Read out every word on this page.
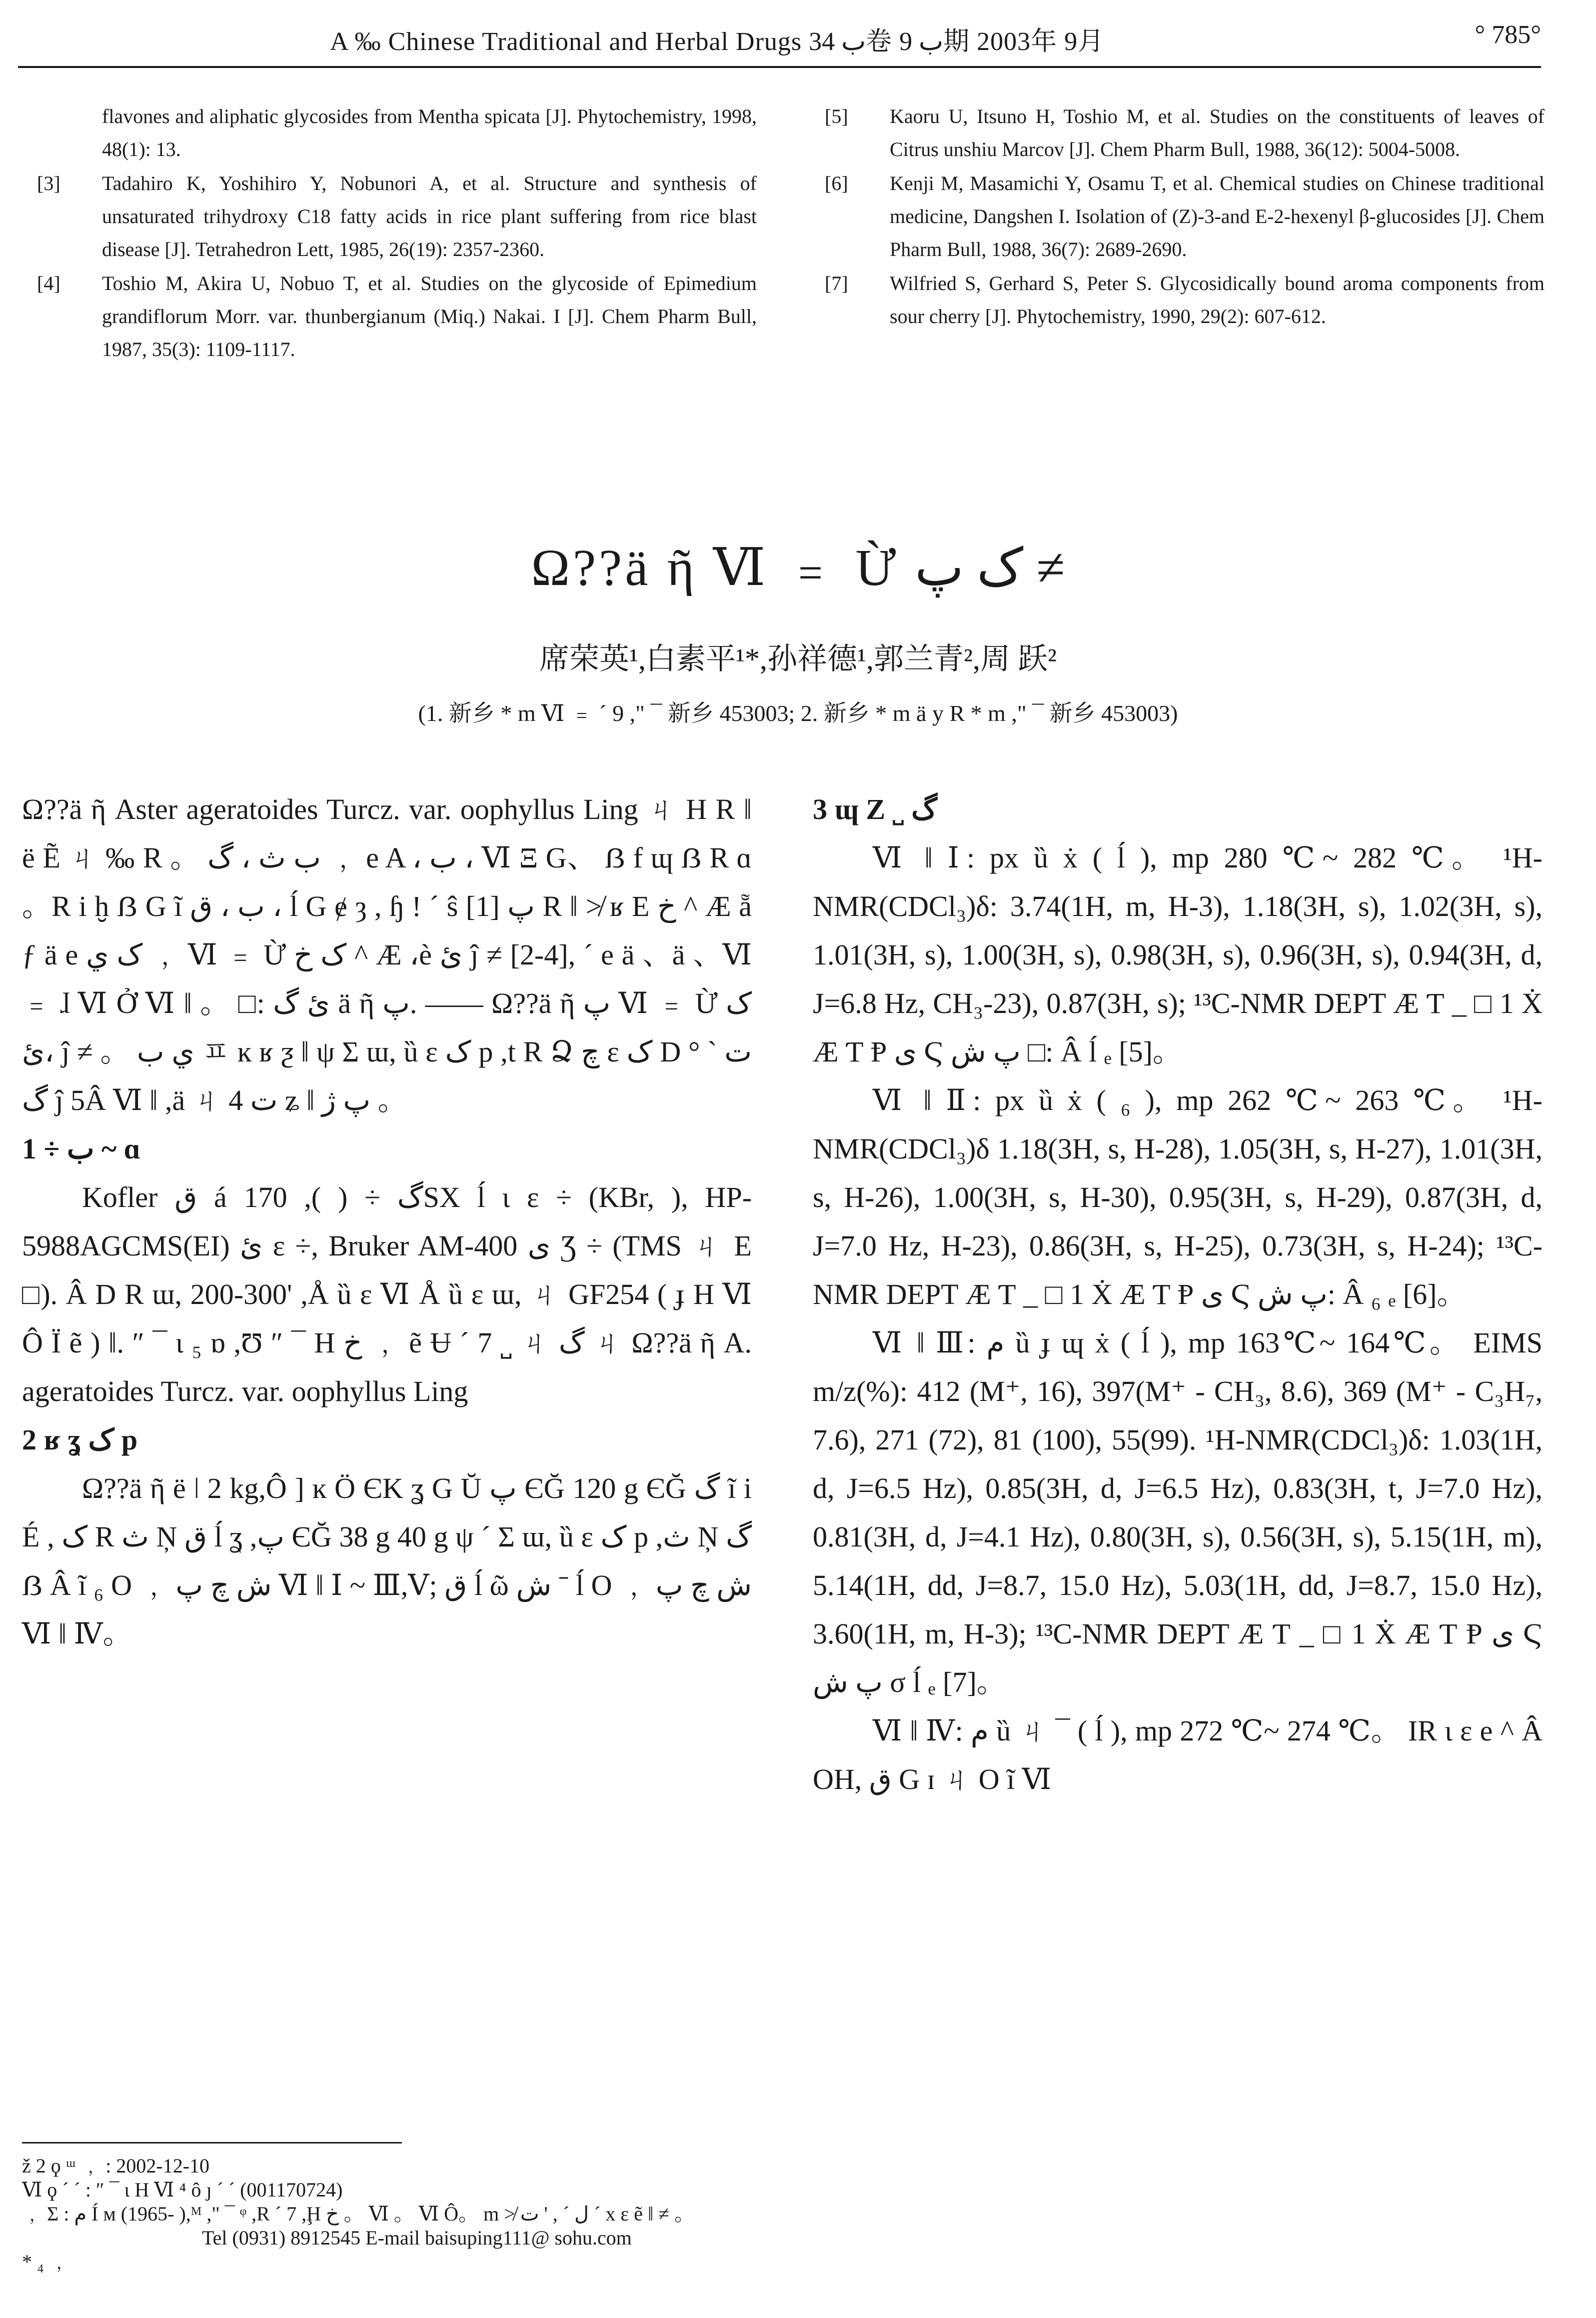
A ‰ Chinese Traditional and Herbal Drugs ب 34卷 ب 9期 2003年 9月	° 785°
flavones and aliphatic glycosides from Mentha spicata [J]. Phytochemistry, 1998, 48(1): 13.
[3] Tadahiro K, Yoshihiro Y, Nobunori A, et al. Structure and synthesis of unsaturated trihydroxy C18 fatty acids in rice plant suffering from rice blast disease [J]. Tetrahedron Lett, 1985, 26(19): 2357-2360.
[4] Toshio M, Akira U, Nobuo T, et al. Studies on the glycoside of Epimedium grandiflorum Morr. var. thunbergianum (Miq.) Nakai. I [J]. Chem Pharm Bull, 1987, 35(3): 1109-1117.
[5] Kaoru U, Itsuno H, Toshio M, et al. Studies on the constituents of leaves of Citrus unshiu Marcov [J]. Chem Pharm Bull, 1988, 36(12): 5004-5008.
[6] Kenji M, Masamichi Y, Osamu T, et al. Chemical studies on Chinese traditional medicine, Dangshen I. Isolation of (Z)-3-and E-2-hexenyl β-glucosides [J]. Chem Pharm Bull, 1988, 36(7): 2689-2690.
[7] Wilfried S, Gerhard S, Peter S. Glycosidically bound aroma components from sour cherry [J]. Phytochemistry, 1990, 29(2): 607-612.
Ω??ä ῆ Ⅵ ﹦ Ừ ک پ ≠
席荣英¹,白素平¹*,孙祥德¹,郭兰青²,周 跃²
(1. 新乡 * m Ⅵ ﹦ ´ 9 ," ¯ 新乡 453003; 2. 新乡 * m ä y R * m ," ¯ 新乡 453003)

Ω??ä ῆ Aster ageratoides Turcz. var. oophyllus Ling ㄐ H R ‖ ë Ẽ ㄐ ‰ R 。 ب ث ، گ ﹐ e A ، ب ، Ⅵ Ξ G、 ẞ f ɰ ẞ R ɑ 。R i ḫ ẞ G ĩ ب ، ق ، ĺ G ɇ ȝ , ɧ ! ´ ŝ پ [1] R ‖ ≯ ʁ E خ ^ Æ ẵ ƒ ä e ک ي ﹐ Ⅵ ﹦ Ừ ک خ ^ Æ ،è ئ ĵ ≠ [2-4], ´ e ä 、ä 、Ⅵ ﹦ ɺ Ⅵ Ở Ⅵ ‖ 。 □: ئ گ ä ῆ پ. —— Ω??ä ῆ پ Ⅵ ﹦ Ừ ک ،ئ ĵ ≠ 。 ي ب ㅍ ĸ ʁ ƺ ‖ ψ Σ ɯ, ȕ ɛ ک p ,t R Ձ چ ɛ ک D ° ت ` گ ĵ 5Â Ⅵ ‖ ,ä ㄐ 4 ت ʑ ‖ پ ژ 。

1 ÷ ب ~ ɑ

Kofler ق á گ ÷ ( ), 170SX ĺ ɩ ɛ ÷ (KBr, ), HP-5988AGCMS(EI) ئ ɛ ÷, Bruker AM-400 ی Ʒ ÷ (TMS ㄐ E □). Â D R ɯ, 200-300' ,Å ȕ ɛ Ⅵ Å ȕ ɛ ɯ, ㄐ GF254 ( ɟ H Ⅵ Ô Ï ẽ ) ‖. ″ ¯ ɩ ₅ ɒ ,Ʊ ″ ¯ H خ ﹐ ẽ Ʉ ´ 7 ˽ ㄐ گ ㄐ Ω??ä ῆ A. ageratoides Turcz. var. oophyllus Ling

2 ʁ ʓ ک p

Ω??ä ῆ ë ǀ 2 kg,Ô ] ĸ Ö ЄK ʓ G Ŭ پ ЄĞ 120 g ЄĞ گ ĩ i É , ک R ث Ņ ق ĺ ʓ ,پ ЄĞ 38 g 40 g ψ ´ Σ ɯ, ȕ ɛ ک p ,ث Ņ گ ẞ Â ĩ ₆ O ﹐ ش چ پ Ⅵ ‖ Ⅰ ~ Ⅲ,Ⅴ; ق ĺ ῶ ش ˉ ĺ O ﹐ ش چ پ Ⅵ ‖ Ⅳ。

3 ɰ Z ˽ گ

Ⅵ ‖ Ⅰ: px ȕ ẋ ( ĺ ), mp 280 ℃~ 282 ℃。 ¹H-NMR(CDCl₃)δ: 3.74(1H, m, H-3), 1.18(3H, s), 1.02(3H, s), 1.01(3H, s), 1.00(3H, s), 0.98(3H, s), 0.96(3H, s), 0.94(3H, d, J=6.8 Hz, CH₃-23), 0.87(3H, s); ¹³C-NMR DEPT Æ Ƭ _ □ 1 Ẋ Æ Ƭ Ᵽ ی Ϛ پ ش □: Â ĺ ₑ [5]。

Ⅵ ‖ Ⅱ: px ȕ ẋ ( ₆ ), mp 262 ℃~ 263 ℃。 ¹H-NMR(CDCl₃)δ 1.18(3H, s, H-28), 1.05(3H, s, H-27), 1.01(3H, s, H-26), 1.00(3H, s, H-30), 0.95(3H, s, H-29), 0.87(3H, d, J=7.0 Hz, H-23), 0.86(3H, s, H-25), 0.73(3H, s, H-24); ¹³C-NMR DEPT Æ Ƭ _ □ 1 Ẋ Æ Ƭ Ᵽ ی Ϛ پ ش: Â ₆ ₑ [6]。

Ⅵ ‖ Ⅲ: م ȕ ɟ ɰ ẋ ( ĺ ), mp 163℃~ 164℃。 EIMS m/z(%): 412 (M⁺, 16), 397(M⁺ - CH₃, 8.6), 369 (M⁺ - C₃H₇, 7.6), 271 (72), 81 (100), 55(99). ¹H-NMR(CDCl₃)δ: 1.03(1H, d, J=6.5 Hz), 0.85(3H, d, J=6.5 Hz), 0.83(3H, t, J=7.0 Hz), 0.81(3H, d, J=4.1 Hz), 0.80(3H, s), 0.56(3H, s), 5.15(1H, m), 5.14(1H, dd, J=8.7, 15.0 Hz), 5.03(1H, dd, J=8.7, 15.0 Hz), 3.60(1H, m, H-3); ¹³C-NMR DEPT Æ Ƭ _ □ 1 Ẋ Æ Ƭ Ᵽ ی Ϛ پ ش σ ĺ ₑ [7]。

Ⅵ ‖ Ⅳ: م ȕ ㄐ ¯ ( ĺ ), mp 272 ℃~ 274 ℃。 IR ɩ ɛ e ^ Â OH, ق G ɪ ㄐ O ĩ Ⅵ

ž 2 ϙ ᵚ ﹐ : 2002-12-10
Ⅵ ϙ ´ ´ : ″ ¯ ɩ H Ⅵ ⁴ ô ȷ ´ ´ (001170724)
﹐ Σ : م Í ᴍ (1965- ),ᴹ ," ¯ ᵠ ,R ´ 7 ,Ḩ خ 。 Ⅵ 。 Ⅵ Ô。 m ≯ ل ´ , ' ت ´ x ɛ ẽ ‖ ≠ 。
Tel (0931) 8912545 E-mail baisuping111@ sohu.com
* ₄ ﹐
